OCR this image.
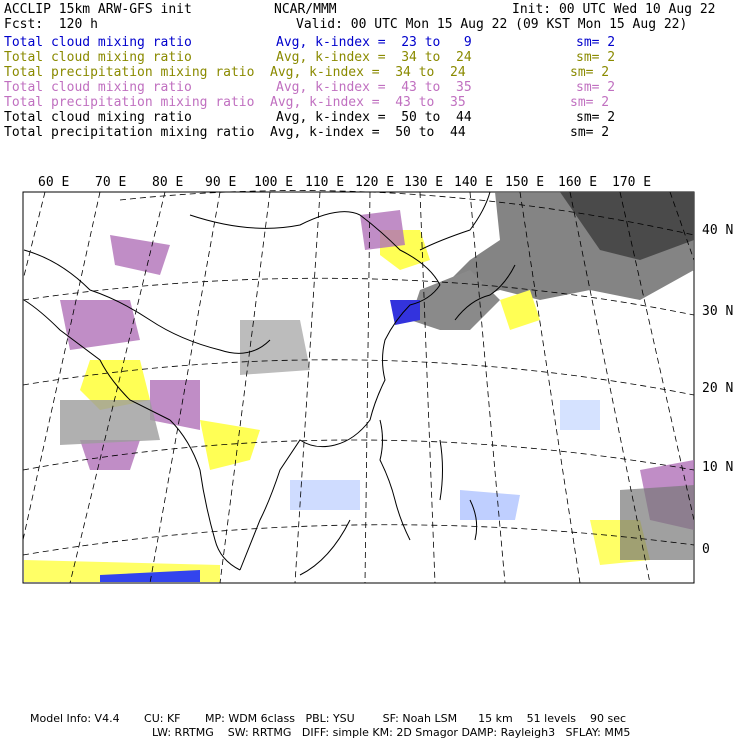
ACCLIP 15km ARW-GFS init	NCAR/MMM	Init: 00 UTC Wed 10 Aug 22
Fcst:  120 h	Valid: 00 UTC Mon 15 Aug 22 (09 KST Mon 15 Aug 22)
Total cloud mixing ratio	Avg, k-index =  23 to   9	sm= 2
Total cloud mixing ratio	Avg, k-index =  34 to  24	sm= 2
Total precipitation mixing ratio Avg, k-index =  34 to  24	sm= 2
Total cloud mixing ratio	Avg, k-index =  43 to  35	sm= 2
Total precipitation mixing ratio Avg, k-index =  43 to  35	sm= 2
Total cloud mixing ratio	Avg, k-index =  50 to  44	sm= 2
Total precipitation mixing ratio Avg, k-index =  50 to  44	sm= 2
60 E 70 E 80 E 90 E 100 E 110 E 120 E 130 E 140 E 150 E 160 E 170 E
40 N
30 N
20 N
10 N
0
Model Info: V4.4       CU: KF       MP: WDM 6class   PBL: YSU        SF: Noah LSM      15 km    51 levels    90 sec
LW: RRTMG    SW: RRTMG   DIFF: simple KM: 2D Smagor DAMP: Rayleigh3   SFLAY: MM5
